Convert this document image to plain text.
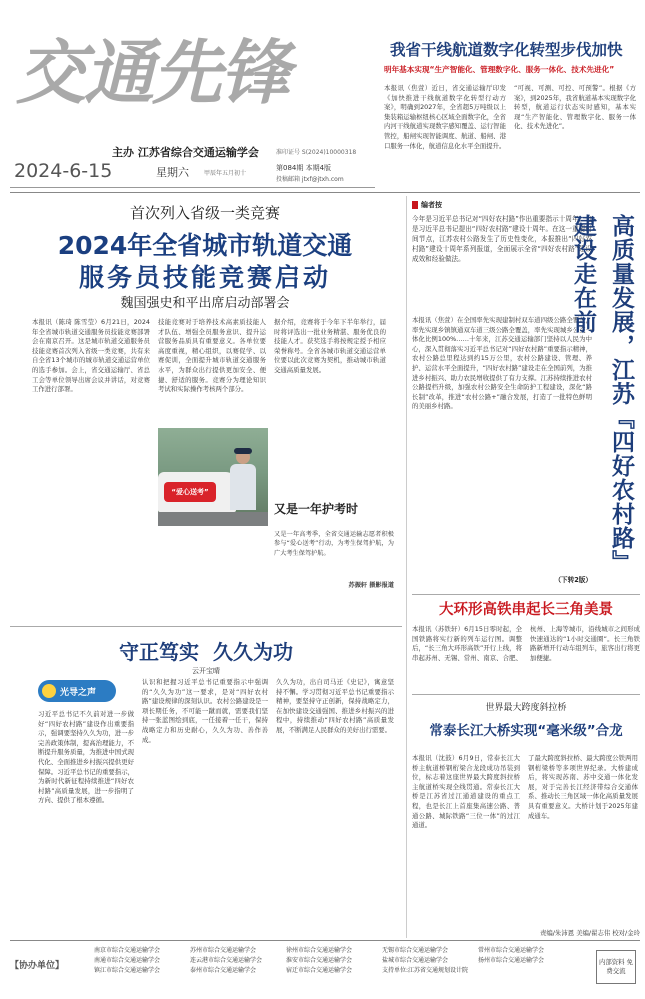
交通先锋
主办 江苏省综合交通运输学会	准印证号 S(2024)10000318
2024-6-15	星期六	甲辰年五月初十
第084期 本期4版
投稿邮箱 jtxf@jtxh.com
我省干线航道数字化转型步伐加快
明年基本实现“生产智能化、管理数字化、服务一体化、技术先进化”
本报讯（焦萱）近日，省交通运输厅印发《加快推进干线航道数字化转型行动方案》，明确到2027年，全省超5万吨级以上集装箱运输枢纽核心区域全面数字化，全省内河干线航道实现数字感知覆盖、运行智能管控，船闸实现智能调度、航道、船闸、港口服务一体化，航道信息化水平全面提升。
“可视、可测、可控、可预警”。根据《方案》，到2025年，我省航道基本实现数字化转型，航道运行状态实时感知，基本实现“生产智能化、管理数字化、服务一体化、技术先进化”。
首次列入省级一类竞赛
2024年全省城市轨道交通
服务员技能竞赛启动
魏国强史和平出席启动部署会
本报讯（陈琦 陈雪莹）6月21日，2024年全省城市轨道交通服务员技能竞赛部署会在南京召开。这是城市轨道交通服务员技能竞赛首次列入省级一类竞赛，共有来自全省13个城市的城市轨道交通运营单位的选手参加。会上，省交通运输厅、省总工会等单位领导出席会议并讲话，对竞赛工作进行部署。
技能竞赛对于培养技术高素质技能人才队伍、增强全员服务意识、提升运营服务品质具有重要意义。各单位要高度重视，精心组织，以赛促学、以赛促训，全面提升城市轨道交通服务水平，为群众出行提供更加安全、便捷、舒适的服务。竞赛分为理论知识考试和实际操作考核两个部分。
据介绍，竞赛将于今年下半年举行，届时将评选出一批业务精湛、服务优良的技能人才。获奖选手将按规定授予相应荣誉称号。全省各城市轨道交通运营单位要以此次竞赛为契机，推动城市轨道交通高质量发展。
“爱心送考”
又是一年护考时
又是一年高考季，全省交通运输志愿者积极参与“爱心送考”行动，为考生保驾护航，为广大考生保驾护航。
苏振轩 摄影报道
守正笃实  久久为功
云开宝晴
光导之声
习近平总书记不久前对进一步做好“四好农村路”建设作出重要指示，强调要坚持久久为功，进一步完善政策体制，提高治理能力，不断提升服务质量，为推进中国式现代化、全面推进乡村振兴提供更好保障。习近平总书记的重要指示，为新时代新征程持续推进“四好农村路”高质量发展，进一步指明了方向、提供了根本遵循。
认识和把握习近平总书记重要指示中强调的“久久为功”这一要求，是对“四好农村路”建设规律的深刻认识。农村公路建设是一项长期任务，不可能一蹴而就，需要我们坚持一张蓝图绘到底，一任接着一任干，保持战略定力和历史耐心，久久为功、善作善成。
久久为功，出自司马迁《史记》，寓意坚持不懈。学习贯彻习近平总书记重要指示精神，要坚持守正创新，保持战略定力，在加快建设交通强国、推进乡村振兴的进程中，持续推动“四好农村路”高质量发展，不断满足人民群众的美好出行需要。
编者按
今年是习近平总书记对“四好农村路”作出重要指示十周年，也是习近平总书记提出“四好农村路”建设十周年。在这一重要时间节点，江苏农村公路发生了历史性变化，本报推出“四好农村路”建设十周年系列报道，全面展示全省“四好农村路”建设成效和经验做法。
本报讯（焦萱）在全国率先实现建制村双车道四级公路全覆盖，率先实现乡镇镇通双车道三级公路全覆盖，率先实现城乡公交一体化比例100%……十年来，江苏交通运输部门坚持以人民为中心，深入贯彻落实习近平总书记对“四好农村路”重要指示精神，农村公路总里程达到约15万公里，农村公路建设、管理、养护、运营水平全面提升，“四好农村路”建设走在全国前列，为推进乡村振兴、助力农民增收提供了有力支撑。江苏持续推进农村公路提档升级，加强农村公路安全生命防护工程建设，深化“路长制”改革，推进“农村公路+”融合发展，打造了一批特色鲜明的美丽乡村路。
（下转2版）
高质量发展，江苏『四好农村路』建设走在前
大环形高铁串起长三角美景
本报讯（苏铁轩）6月15日零时起，全国铁路将实行新的列车运行图。调整后，“长三角大环形高铁”开行上线，将串起苏州、无锡、常州、南京、合肥、杭州、上海等城市，沿线城市之间形成快速通达的“1小时交通圈”。长三角铁路新增开行动车组列车，旅客出行将更加便捷。
世界最大跨度斜拉桥
常泰长江大桥实现“毫米级”合龙
本报讯（沈鼓）6月9日，常泰长江大桥主航道桥钢桁梁合龙段成功吊装到位，标志着这座世界最大跨度斜拉桥主航道桥实现全线贯通。常泰长江大桥是江苏省过江通道建设的重点工程，也是长江上首座集高速公路、普通公路、城际铁路“三位一体”的过江通道。
了最大跨度斜拉桥、最大跨度公铁两用钢桁梁桥等多项世界纪录。大桥建成后，将实现苏南、苏中交通一体化发展，对于完善长江经济带综合交通体系、推动长三角区域一体化高质量发展具有重要意义。大桥计划于2025年建成通车。
责编/朱沛恩 美编/翟志伟 校对/金玲
【协办单位】
南京市综合交通运输学会
南通市综合交通运输学会
镇江市综合交通运输学会
苏州市综合交通运输学会
连云港市综合交通运输学会
泰州市综合交通运输学会
徐州市综合交通运输学会
淮安市综合交通运输学会
宿迁市综合交通运输学会
无锡市综合交通运输学会
盐城市综合交通运输学会
支持单位:江苏省交通规划设计院
常州市综合交通运输学会
扬州市综合交通运输学会	内部资料 免费交流
